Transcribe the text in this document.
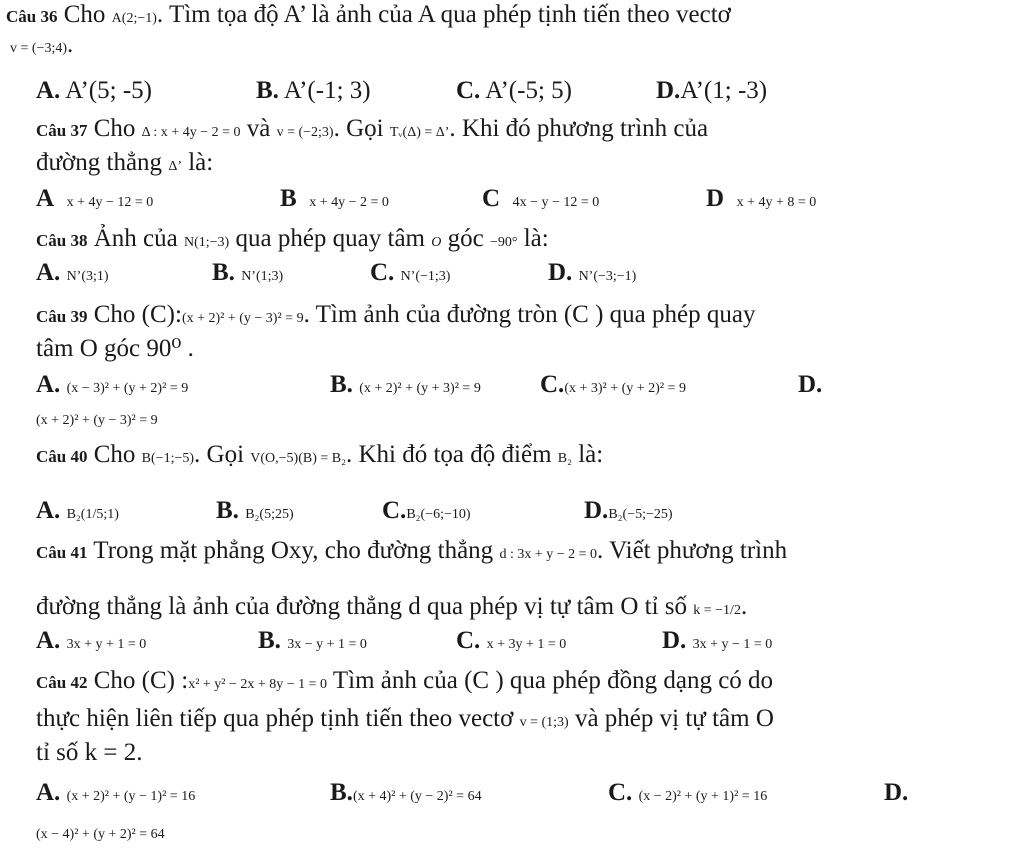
Câu 36 Cho A(2;−1). Tìm tọa độ A’ là ảnh của A qua phép tịnh tiến theo vectơ
v = (−3;4).
A. A’(5; -5)	B. A’(-1; 3)	C. A’(-5; 5)	D.A’(1; -3)
Câu 37 Cho Δ : x + 4y − 2 = 0 và v = (−2;3). Gọi Tᵥ(Δ) = Δ’. Khi đó phương trình của
đường thẳng Δ’ là:
A x + 4y − 12 = 0	B x + 4y − 2 = 0	C 4x − y − 12 = 0	D x + 4y + 8 = 0
Câu 38 Ảnh của N(1;−3) qua phép quay tâm O góc −90° là:
A. N’(3;1)	B. N’(1;3)	C. N’(−1;3)	D. N’(−3;−1)
Câu 39 Cho (C):(x + 2)² + (y − 3)² = 9. Tìm ảnh của đường tròn (C ) qua phép quay
tâm O góc 90⁰ .
A. (x − 3)² + (y + 2)² = 9	B. (x + 2)² + (y + 3)² = 9 C.(x + 3)² + (y + 2)² = 9	D.
(x + 2)² + (y − 3)² = 9
Câu 40 Cho B(−1;−5). Gọi V(O,−5)(B) = B₂. Khi đó tọa độ điểm B₂ là:
A. B₂(1/5;1)	B. B₂(5;25)	C.B₂(−6;−10)	D.B₂(−5;−25)
Câu 41 Trong mặt phẳng Oxy, cho đường thẳng d : 3x + y − 2 = 0. Viết phương trình
đường thẳng là ảnh của đường thẳng d qua phép vị tự tâm O tỉ số k = −1/2.
A. 3x + y + 1 = 0	B. 3x − y + 1 = 0	C. x + 3y + 1 = 0	D. 3x + y − 1 = 0
Câu 42 Cho (C) :x² + y² − 2x + 8y − 1 = 0 Tìm ảnh của (C ) qua phép đồng dạng có do
thực hiện liên tiếp qua phép tịnh tiến theo vectơ v = (1;3) và phép vị tự tâm O
tỉ số k = 2.
A. (x + 2)² + (y − 1)² = 16	B.(x + 4)² + (y − 2)² = 64	C. (x − 2)² + (y + 1)² = 16	D.
(x − 4)² + (y + 2)² = 64
